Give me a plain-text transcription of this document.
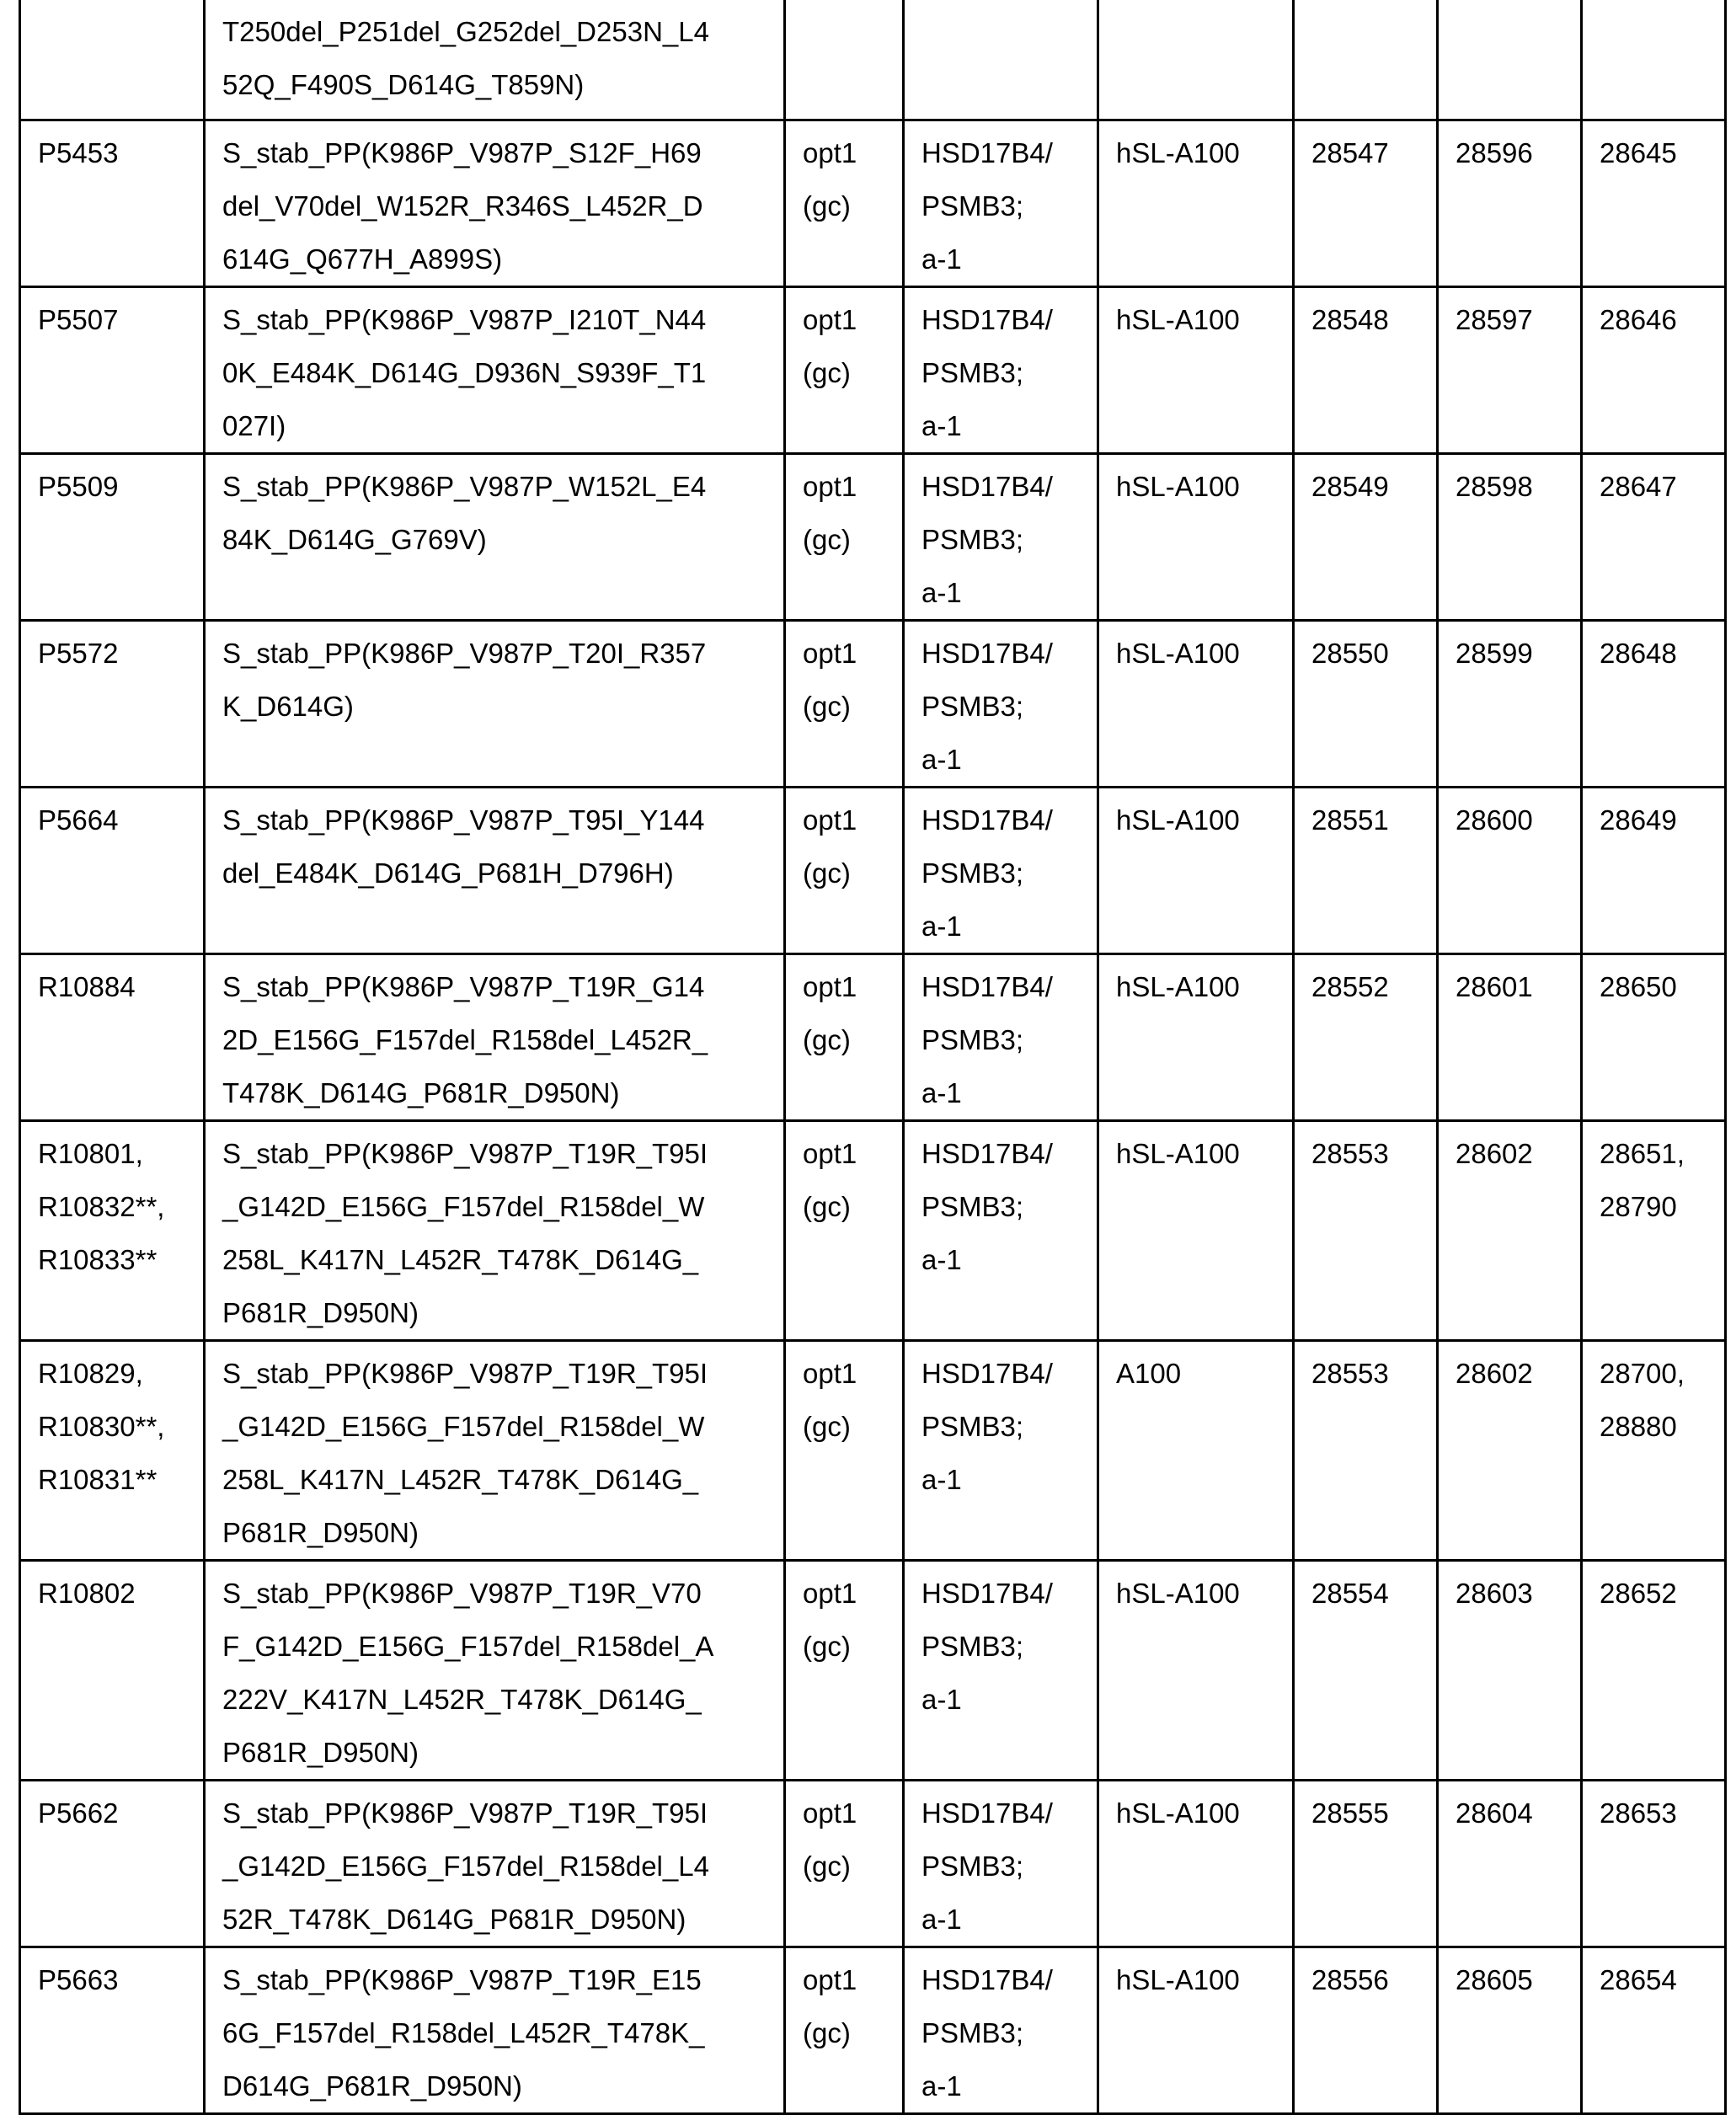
	T250del_P251del_G252del_D253N_L4
52Q_F490S_D614G_T859N)						
P5453	S_stab_PP(K986P_V987P_S12F_H69
del_V70del_W152R_R346S_L452R_D
614G_Q677H_A899S)	opt1
(gc)	HSD17B4/
PSMB3;
a-1	hSL-A100	28547	28596	28645
P5507	S_stab_PP(K986P_V987P_I210T_N44
0K_E484K_D614G_D936N_S939F_T1
027I)	opt1
(gc)	HSD17B4/
PSMB3;
a-1	hSL-A100	28548	28597	28646
P5509	S_stab_PP(K986P_V987P_W152L_E4
84K_D614G_G769V)	opt1
(gc)	HSD17B4/
PSMB3;
a-1	hSL-A100	28549	28598	28647
P5572	S_stab_PP(K986P_V987P_T20I_R357
K_D614G)	opt1
(gc)	HSD17B4/
PSMB3;
a-1	hSL-A100	28550	28599	28648
P5664	S_stab_PP(K986P_V987P_T95I_Y144
del_E484K_D614G_P681H_D796H)	opt1
(gc)	HSD17B4/
PSMB3;
a-1	hSL-A100	28551	28600	28649
R10884	S_stab_PP(K986P_V987P_T19R_G14
2D_E156G_F157del_R158del_L452R_
T478K_D614G_P681R_D950N)	opt1
(gc)	HSD17B4/
PSMB3;
a-1	hSL-A100	28552	28601	28650
R10801,
R10832**,
R10833**	S_stab_PP(K986P_V987P_T19R_T95I
_G142D_E156G_F157del_R158del_W
258L_K417N_L452R_T478K_D614G_
P681R_D950N)	opt1
(gc)	HSD17B4/
PSMB3;
a-1	hSL-A100	28553	28602	28651,
28790
R10829,
R10830**,
R10831**	S_stab_PP(K986P_V987P_T19R_T95I
_G142D_E156G_F157del_R158del_W
258L_K417N_L452R_T478K_D614G_
P681R_D950N)	opt1
(gc)	HSD17B4/
PSMB3;
a-1	A100	28553	28602	28700,
28880
R10802	S_stab_PP(K986P_V987P_T19R_V70
F_G142D_E156G_F157del_R158del_A
222V_K417N_L452R_T478K_D614G_
P681R_D950N)	opt1
(gc)	HSD17B4/
PSMB3;
a-1	hSL-A100	28554	28603	28652
P5662	S_stab_PP(K986P_V987P_T19R_T95I
_G142D_E156G_F157del_R158del_L4
52R_T478K_D614G_P681R_D950N)	opt1
(gc)	HSD17B4/
PSMB3;
a-1	hSL-A100	28555	28604	28653
P5663	S_stab_PP(K986P_V987P_T19R_E15
6G_F157del_R158del_L452R_T478K_
D614G_P681R_D950N)	opt1
(gc)	HSD17B4/
PSMB3;
a-1	hSL-A100	28556	28605	28654
